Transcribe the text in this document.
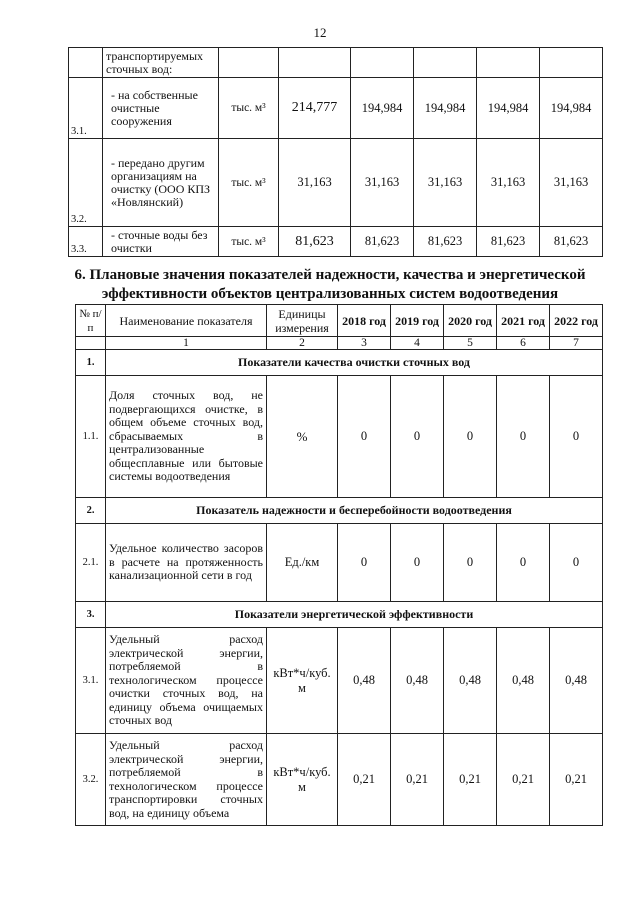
12
	транспортируемых сточных вод:						
3.1.	- на собственные очистные сооружения	тыс. м³	214,777	194,984	194,984	194,984	194,984
3.2.	- передано другим организациям на очистку (ООО КПЗ «Новлянский)	тыс. м³	31,163	31,163	31,163	31,163	31,163
3.3.	- сточные воды без очистки	тыс. м³	81,623	81,623	81,623	81,623	81,623
6. Плановые значения показателей надежности, качества и энергетической
эффективности объектов централизованных систем водоотведения
№ п/п	Наименование показателя	Единицы измерения	2018 год	2019 год	2020 год	2021 год	2022 год
	1	2	3	4	5	6	7
1.	Показатели качества очистки сточных вод						
1.1.	Доля сточных вод, не подвергающихся очистке, в общем объеме сточных вод, сбрасываемых в централизованные общесплавные или бытовые системы водоотведения	%	0	0	0	0	0
2.	Показатель надежности и бесперебойности водоотведения						
2.1.	Удельное количество засоров в расчете на протяженность канализационной сети в год	Ед./км	0	0	0	0	0
3.	Показатели энергетической эффективности						
3.1.	Удельный расход электрической энергии, потребляемой в технологическом процессе очистки сточных вод, на единицу объема очищаемых сточных вод	кВт*ч/куб. м	0,48	0,48	0,48	0,48	0,48
3.2.	Удельный расход электрической энергии, потребляемой в технологическом процессе транспортировки сточных вод, на единицу объема	кВт*ч/куб. м	0,21	0,21	0,21	0,21	0,21
